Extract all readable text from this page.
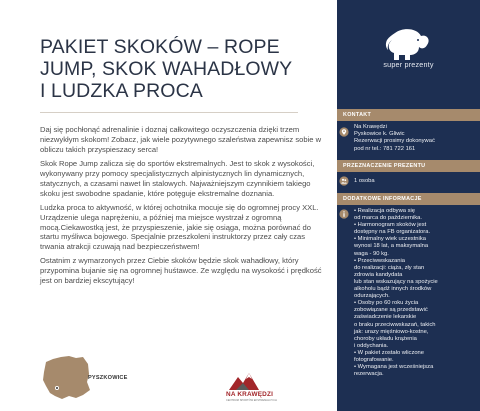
PAKIET SKOKÓW – ROPE
JUMP, SKOK WAHADŁOWY
I LUDZKA PROCA

Daj się pochłonąć adrenalinie i doznaj całkowitego oczyszczenia dzięki trzem niezwykłym skokom! Zobacz, jak wiele pozytywnego szaleństwa zapewnisz sobie w obliczu takich przyspieszacy serca!

Skok Rope Jump zalicza się do sportów ekstremalnych. Jest to skok z wysokości, wykonywany przy pomocy specjalistycznych alpinistycznych lin dynamicznych, statycznych, a czasami nawet lin stalowych. Najważniejszym czynnikiem takiego skoku jest swobodne spadanie, które potęguje ekstremalne doznania.

Ludzka proca to aktywność, w której ochotnika mocuje się do ogromnej procy XXL. Urządzenie ulega naprężeniu, a później ma miejsce wystrzał z ogromną mocą.Ciekawostką jest, że przyspieszenie, jakie się osiąga, można porównać do startu myśliwca bojowego. Specjalnie przeszkoleni instruktorzy przez cały czas trwania atrakcji czuwają nad bezpieczeństwem!

Ostatnim z wymarzonych przez Ciebie skoków będzie skok wahadłowy, który przypomina bujanie się na ogromnej huśtawce. Ze względu na wysokość i prędkość jest on bardziej ekscytujący!

PYSZKOWICE
NA KRAWĘDZI
CENTRUM SPORTÓW EKSTREMALNYCH
super prezenty
KONTAKT
Na Krawędzi
Pyskowice k. Gliwic
Rezerwacji prosimy dokonywać
pod nr tel.: 781 722 161
PRZEZNACZENIE PREZENTU
1 osoba
DODATKOWE INFORMACJE
• Realizacja odbywa się
od marca do października.
• Harmonogram skoków jest
dostępny na FB organizatora.
• Minimalny wiek uczestnika
wynosi 18 lat, a maksymalna
waga - 90 kg.
• Przeciwwskazania
do realizacji: ciąża, zły stan
zdrowia kandydata
lub stan wskazujący na spożycie
alkoholu bądź innych środków
odurzających.
• Osoby po 60 roku życia
zobowiązane są przedstawić
zaświadczenie lekarskie
o braku przeciwwskazań, takich
jak: urazy mięśniowo-kostne,
choroby układu krążenia
i oddychania.
• W pakiet zostało wliczone
fotografowanie.
• Wymagana jest wcześniejsza
rezerwacja.
